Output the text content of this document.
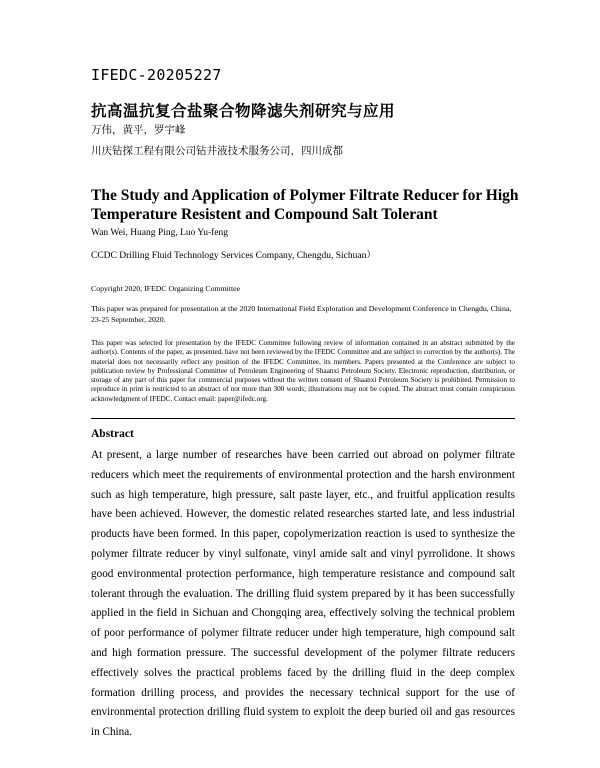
IFEDC-20205227
抗高温抗复合盐聚合物降滤失剂研究与应用
万伟，黄平，罗宇峰
川庆钻探工程有限公司钻井液技术服务公司，四川成都
The Study and Application of Polymer Filtrate Reducer for High Temperature Resistent and Compound Salt Tolerant
Wan Wei, Huang Ping, Luo Yu-feng
CCDC Drilling Fluid Technology Services Company, Chengdu, Sichuan）
Copyright 2020, IFEDC Organizing Committee
This paper was prepared for presentation at the 2020 International Field Exploration and Development Conference in Chengdu, China, 23-25 September, 2020.
This paper was selected for presentation by the IFEDC Committee following review of information contained in an abstract submitted by the author(s). Contents of the paper, as presented, have not been reviewed by the IFEDC Committee and are subject to correction by the author(s). The material does not necessarily reflect any position of the IFEDC Committee, its members. Papers presented at the Conference are subject to publication review by Professional Committee of Petroleum Engineering of Shaanxi Petroleum Society. Electronic reproduction, distribution, or storage of any part of this paper for commercial purposes without the written consent of Shaanxi Petroleum Society is prohibited. Permission to reproduce in print is restricted to an abstract of not more than 300 words; illustrations may not be copied. The abstract must contain conspicuous acknowledgment of IFEDC. Contact email: paper@ifedc.org.
Abstract
At present, a large number of researches have been carried out abroad on polymer filtrate reducers which meet the requirements of environmental protection and the harsh environment such as high temperature, high pressure, salt paste layer, etc., and fruitful application results have been achieved. However, the domestic related researches started late, and less industrial products have been formed. In this paper, copolymerization reaction is used to synthesize the polymer filtrate reducer by vinyl sulfonate, vinyl amide salt and vinyl pyrrolidone. It shows good environmental protection performance, high temperature resistance and compound salt tolerant through the evaluation. The drilling fluid system prepared by it has been successfully applied in the field in Sichuan and Chongqing area, effectively solving the technical problem of poor performance of polymer filtrate reducer under high temperature, high compound salt and high formation pressure. The successful development of the polymer filtrate reducers effectively solves the practical problems faced by the drilling fluid in the deep complex formation drilling process, and provides the necessary technical support for the use of environmental protection drilling fluid system to exploit the deep buried oil and gas resources in China.
